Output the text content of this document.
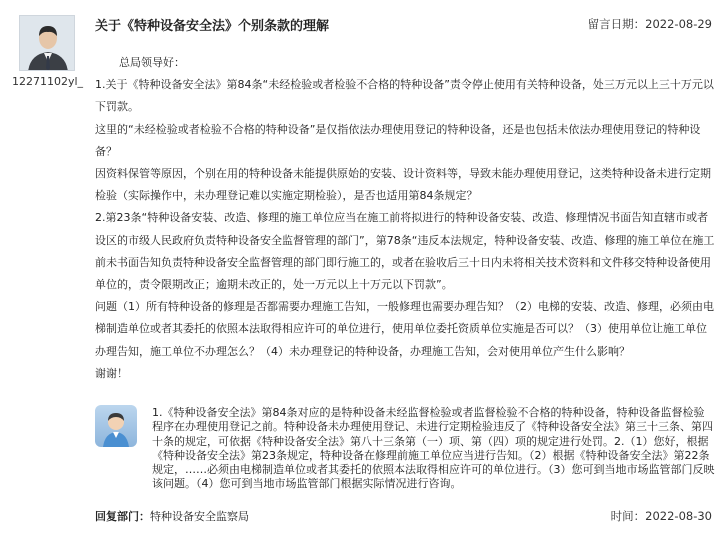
12271102yl_
关于《特种设备安全法》个别条款的理解	留言日期：2022-08-29

总局领导好：

1.关于《特种设备安全法》第84条“未经检验或者检验不合格的特种设备”责令停止使用有关特种设备，处三万元以上三十万元以下罚款。

这里的“未经检验或者检验不合格的特种设备”是仅指依法办理使用登记的特种设备，还是也包括未依法办理使用登记的特种设备？

因资料保管等原因，个别在用的特种设备未能提供原始的安装、设计资料等，导致未能办理使用登记，这类特种设备未进行定期检验（实际操作中，未办理登记难以实施定期检验），是否也适用第84条规定？

2.第23条“特种设备安装、改造、修理的施工单位应当在施工前将拟进行的特种设备安装、改造、修理情况书面告知直辖市或者设区的市级人民政府负责特种设备安全监督管理的部门”，第78条“违反本法规定，特种设备安装、改造、修理的施工单位在施工前未书面告知负责特种设备安全监督管理的部门即行施工的，或者在验收后三十日内未将相关技术资料和文件移交特种设备使用单位的，责令限期改正；逾期未改正的，处一万元以上十万元以下罚款”。

问题（1）所有特种设备的修理是否都需要办理施工告知，一般修理也需要办理告知？（2）电梯的安装、改造、修理，必须由电梯制造单位或者其委托的依照本法取得相应许可的单位进行，使用单位委托资质单位实施是否可以？（3）使用单位让施工单位办理告知，施工单位不办理怎么？（4）未办理登记的特种设备，办理施工告知，会对使用单位产生什么影响？

谢谢！

1.《特种设备安全法》第84条对应的是特种设备未经监督检验或者监督检验不合格的特种设备，特种设备监督检验程序在办理使用登记之前。特种设备未办理使用登记、未进行定期检验违反了《特种设备安全法》第三十三条、第四十条的规定，可依据《特种设备安全法》第八十三条第（一）项、第（四）项的规定进行处罚。2.（1）您好，根据《特种设备安全法》第23条规定，特种设备在修理前施工单位应当进行告知。（2）根据《特种设备安全法》第22条规定，……必须由电梯制造单位或者其委托的依照本法取得相应许可的单位进行。（3）您可到当地市场监管部门反映该问题。（4）您可到当地市场监管部门根据实际情况进行咨询。
回复部门：特种设备安全监察局	时间：2022-08-30
